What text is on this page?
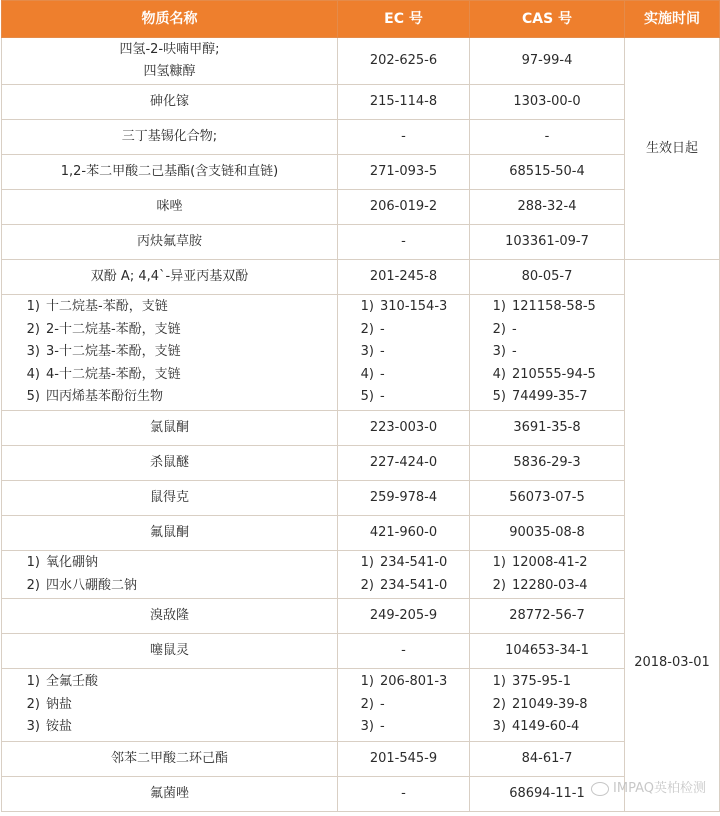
物质名称	EC 号	CAS 号	实施时间

四氢-2-呋喃甲醇;
四氢糠醇	202-625-6	97-99-4	生效日起

砷化镓	215-114-8	1303-00-0	

三丁基锡化合物;	-	-	

1,2-苯二甲酸二己基酯(含支链和直链)	271-093-5	68515-50-4	

咪唑	206-019-2	288-32-4	

丙炔氟草胺	-	103361-09-7	

双酚 A; 4,4`-异亚丙基双酚	201-245-8	80-05-7	2018-03-01

1) 十二烷基-苯酚，支链
2) 2-十二烷基-苯酚，支链
3) 3-十二烷基-苯酚，支链
4) 4-十二烷基-苯酚，支链
5) 四丙烯基苯酚衍生物	1) 310-154-3
2) -
3) -
4) -
5) -	1) 121158-58-5
2) -
3) -
4) 210555-94-5
5) 74499-35-7	

氯鼠酮	223-003-0	3691-35-8	

杀鼠醚	227-424-0	5836-29-3	

鼠得克	259-978-4	56073-07-5	

氟鼠酮	421-960-0	90035-08-8	

1) 氧化硼钠
2) 四水八硼酸二钠	1) 234-541-0
2) 234-541-0	1) 12008-41-2
2) 12280-03-4	

溴敌隆	249-205-9	28772-56-7	

噻鼠灵	-	104653-34-1	

1) 全氟壬酸
2) 钠盐
3) 铵盐	1) 206-801-3
2) -
3) -	1) 375-95-1
2) 21049-39-8
3) 4149-60-4	

邻苯二甲酸二环己酯	201-545-9	84-61-7	

氟菌唑	-	68694-11-1		IMPAQ英柏检测
